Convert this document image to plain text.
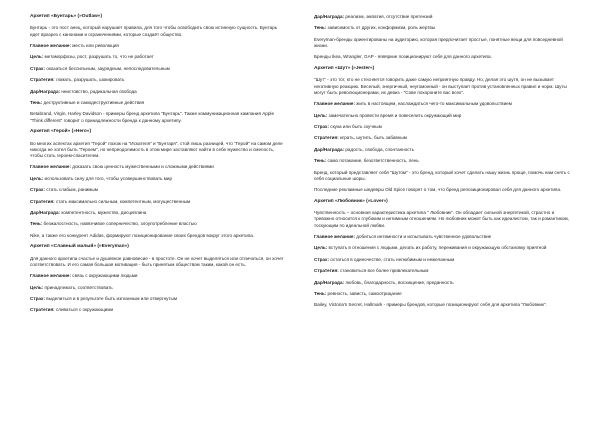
Архетип «Бунтарь» (»Outlaw«)

Бунтарь - это пост анец, который нарушает правила, для того чтобы освободить свою истинную сущность. Бунтарь идет вразрез с канонами и ограничениями, которые создаёт общество.

Главное желание: месть или революция

Цель: метаморфозы, рост, разрушать то, что не работает

Страх: оказаться бессильным, заурядным, непоследовательным

Стратегия: ломать, разрушать, шокировать

Дар/Награда: неистовство, радикальная свобода

Тень: деструктивные и самодеструктивные действия

Betabrand, Virgin, Harley Davidson - примеры бренд архетипа "Бунтарь". Также коммуникационная кампания Apple "Think different" говорит о принадлежности бренда к данному архетипу.

Архетип «Герой» (»Hero«)

Во многих аспектах архетип "Герой" похож на "Искателя" и "Бунтаря", стой лишь разницей, что "Герой" на самом деле никогда не хотел быть "Героем", но непреодолимость в этом мире заставляют найти в себе мужество и смелость, чтобы стать героем-спасителем.

Главное желание: доказать свою ценность мужественными и сложными действиями

Цель: использовать силу для того, чтобы усовершенствовать мир

Страх: стать слабым, ранимым

Стратегия: стать максимально сильным, компетентным, могущественным

Дар/Награда: компетентность, мужество, дисциплина

Тень: безжалостность, навязчивое соперничество, злоупотребление властью

Nike, а также его конкурент Adidas, формируют позиционирование своих брендов вокруг этого архетипа.

Архетип «Славный малый» (»Everyman«)

Для данного архетипа счастье и душевное равновесие - в простоте. Он не хочет выделяться или отличаться, он хочет соответствовать. И его самая большая мотивация - быть принятым обществом таким, какой он есть.

Главное желание: связь с окружающими людьми

Цель: принадлежать, соответствовать

Страх: выделиться и в результате быть изгнанным или отвергнутым

Стратегия: сливаться с окружающими

Дар/Награда: реализм, эмпатия, отсутствие претензий

Тень: зависимость от других, конформизм, роль жертвы

Everyman-бренды ориентированы на аудиторию, которая предпочитает простые, понятные вещи для повседневной жизни.

Бренды Ikea, Wrangler, GAP - яяяяркие позиционируют себя для данного архетипа.

Архетип «Шут» (»Jester«)

"Шут" - это тот, кто не стесняется говорить даже самую неприятную правду. Но, делая это шутя, он не вызывает негативную реакцию. Веселый, энергичный, неугомонный - он выступает против установленных правил и норм. Шуты могут быть революционерами, их девиз - "Сове похороните вас всех".

Главное желание: жить в настоящем, наслаждаться чего-то максимальным удовольствием

Цель: замечательно провести время и повеселить окружающий мир

Страх: скука или быть скучным

Стратегия: играть, шутить, быть забавным

Дар/Награда: радость, свобода, спонтанность

Тень: само потакание, безответственность, лень

Бренд, который представляет себя "Шутом" - это бренд, который хочет сделать нашу жизнь проще, помочь нам снять с себя социальные шоры.

Последние рекламные шедевры Old Spice говорят о том, что бренд репозиционировал себя для данного архетипа.

Архетип «Любовник» (»Lover«)

Чувственность – основная характеристика архетипа " Любовник". Он обладает сильной энергетикой, страстно и тревожно относится к глубоким и интимным отношениям. Но любовник может быть как идеалистом, так и романтиком, тоскующим по идеальной любви.

Главное желание: добиться интимности и испытывать чувственное удовольствие

Цель: вступать в отношения с людьми, делать их работу, переживания и окружающую обстановку приятной

Страх: остаться в одиночестве, стать нелюбимым и нежеланным

Стратегия: становиться все более привлекательным

Дар/Награда: любовь, благодарность, восхищение, преданность

Тень: ревность, зависть, самоотрицание

Bailey, Victoria's Secret, Hallmark - примеры брендов, которые позиционируют себя для архетипа "Любовник".
